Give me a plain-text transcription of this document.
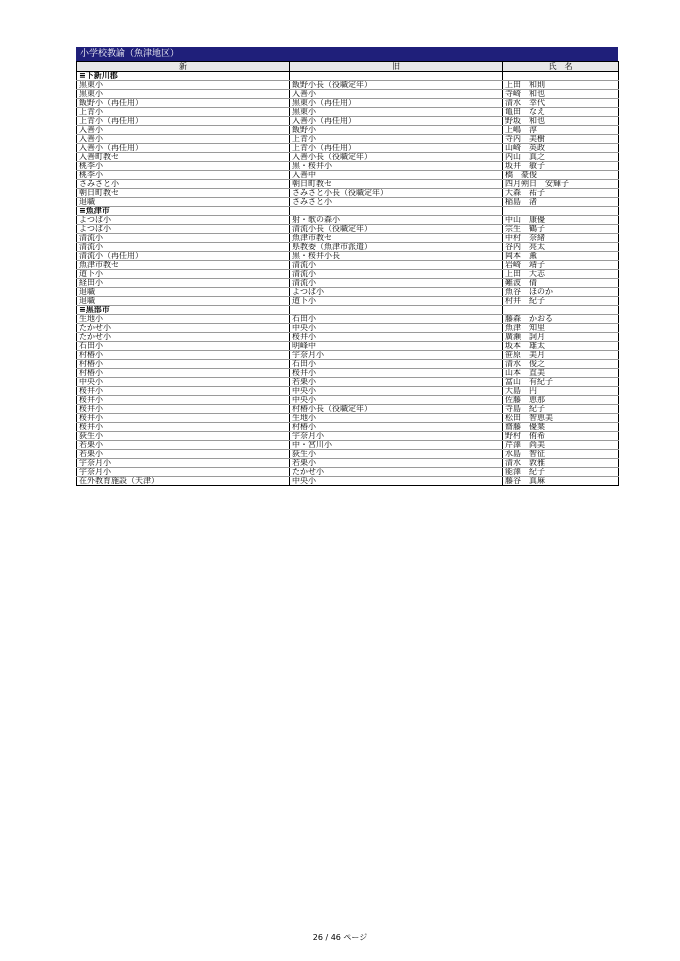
小学校教諭（魚津地区）
新	旧	氏　名
≡下新川郡		
黒東小	飯野小長（役職定年）	上田　和則
黒東小	入善小	寺崎　和也
飯野小（再任用）	黒東小（再任用）	清水　幸代
上青小	黒東小	亀田　なえ
上青小（再任用）	入善小（再任用）	野坂　和也
入善小	飯野小	上嶋　淳
入善小	上青小	寺内　美樹
入善小（再任用）	上青小（再任用）	山崎　英政
入善町教セ	入善小長（役職定年）	内山　真之
桃李小	黒・桜井小	坂井　敏子
桃李小	入善中	橋　豪俊
さみさと小	朝日町教セ	四月朔日　安輝子
朝日町教セ	さみさと小長（役職定年）	大森　祐子
退職	さみさと小	稲島　渚
≡魚津市		
よつば小	射・歌の森小	中山　康優
よつば小	清流小長（役職定年）	宗生　鶴子
清流小	魚津市教セ	中村　奈緒
清流小	県教委（魚津市派遣）	谷内　亮太
清流小（再任用）	黒・桜井小長	岡本　薫
魚津市教セ	清流小	岩崎　靖子
道下小	清流小	上田　大志
経田小	清流小	難波　倩
退職	よつば小	魚谷　ほのか
退職	道下小	村井　紀子
≡黒部市		
生地小	石田小	藤森　かおる
たかせ小	中央小	魚津　知里
たかせ小	桜井小	廣瀬　詞月
石田小	明峰中	坂本　雄太
村椿小	宇奈月小	笹原　美月
村椿小	石田小	清水　俊之
村椿小	桜井小	山本　直美
中央小	若栗小	富山　有紀子
桜井小	中央小	大島　円
桜井小	中央小	佐藤　恵那
桜井小	村椿小長（役職定年）	寺島　紀子
桜井小	生地小	松田　智恵美
桜井小	村椿小	齋藤　優葉
荻生小	宇奈月小	野村　侑希
若栗小	中・宮川小	芹澤　尚美
若栗小	荻生小	水島　智征
宇奈月小	若栗小	清水　敦雅
宇奈月小	たかせ小	能澤　紀子
在外教育施設（天津）	中央小	藤谷　真麻
26 / 46 ページ
